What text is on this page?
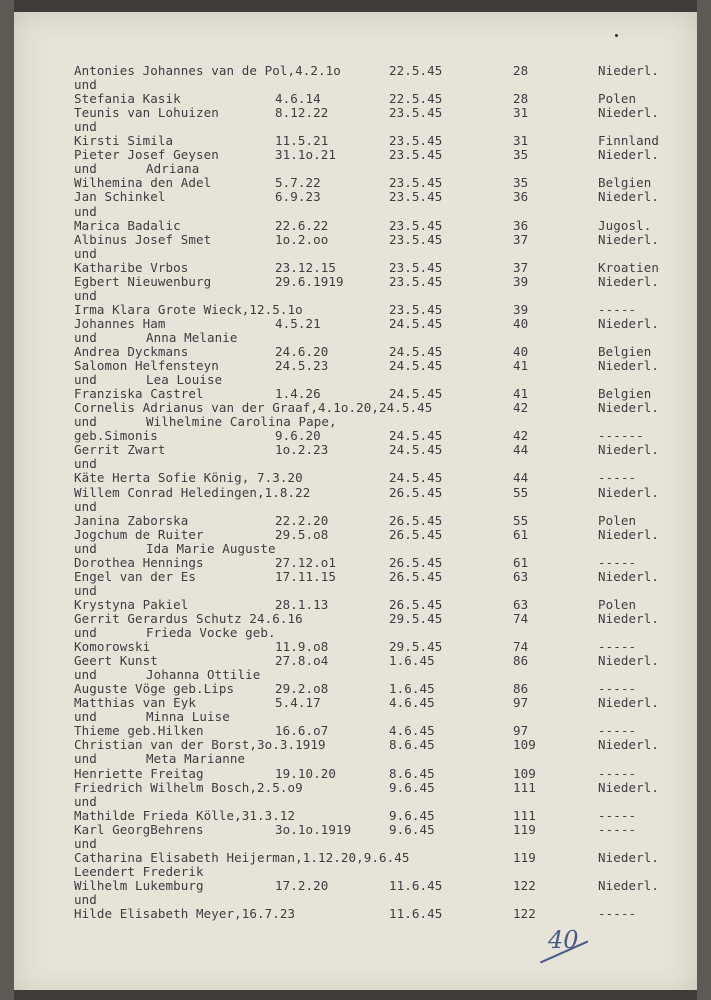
Antonies Johannes van de Pol,4.2.1o	22.5.45	28	Niederl.
und
Stefania Kasik	4.6.14	22.5.45	28	Polen
Teunis van Lohuizen	8.12.22	23.5.45	31	Niederl.
und
Kirsti Simila	11.5.21	23.5.45	31	Finnland
Pieter Josef Geysen	31.1o.21	23.5.45	35	Niederl.
und	Adriana
Wilhemina den Adel	5.7.22	23.5.45	35	Belgien
Jan Schinkel	6.9.23	23.5.45	36	Niederl.
und
Marica Badalic	22.6.22	23.5.45	36	Jugosl.
Albinus Josef Smet	1o.2.oo	23.5.45	37	Niederl.
und
Katharibe Vrbos	23.12.15	23.5.45	37	Kroatien
Egbert Nieuwenburg	29.6.1919	23.5.45	39	Niederl.
und
Irma Klara Grote Wieck,12.5.1o	23.5.45	39	-----
Johannes Ham	4.5.21	24.5.45	40	Niederl.
und	Anna Melanie
Andrea Dyckmans	24.6.20	24.5.45	40	Belgien
Salomon Helfensteyn	24.5.23	24.5.45	41	Niederl.
und	Lea Louise
Franziska Castrel	1.4.26	24.5.45	41	Belgien
Cornelis Adrianus van der Graaf,4.1o.20,24.5.45	42	Niederl.
und	Wilhelmine Carolina Pape,
geb.Simonis	9.6.20	24.5.45	42	------
Gerrit Zwart	1o.2.23	24.5.45	44	Niederl.
und
Käte Herta Sofie König, 7.3.20	24.5.45	44	-----
Willem Conrad Heledingen,1.8.22	26.5.45	55	Niederl.
und
Janina Zaborska	22.2.20	26.5.45	55	Polen
Jogchum de Ruiter	29.5.o8	26.5.45	61	Niederl.
und	Ida Marie Auguste
Dorothea Hennings	27.12.o1	26.5.45	61	-----
Engel van der Es	17.11.15	26.5.45	63	Niederl.
und
Krystyna Pakiel	28.1.13	26.5.45	63	Polen
Gerrit Gerardus Schutz 24.6.16	29.5.45	74	Niederl.
und	Frieda Vocke geb.
Komorowski	11.9.o8	29.5.45	74	-----
Geert Kunst	27.8.o4	1.6.45	86	Niederl.
und	Johanna Ottilie
Auguste Vöge geb.Lips	29.2.o8	1.6.45	86	-----
Matthias van Eyk	5.4.17	4.6.45	97	Niederl.
und	Minna Luise
Thieme geb.Hilken	16.6.o7	4.6.45	97	-----
Christian van der Borst,3o.3.1919	8.6.45	109	Niederl.
und	Meta Marianne
Henriette Freitag	19.10.20	8.6.45	109	-----
Friedrich Wilhelm Bosch,2.5.o9	9.6.45	111	Niederl.
und
Mathilde Frieda Kölle,31.3.12	9.6.45	111	-----
Karl GeorgBehrens	3o.1o.1919	9.6.45	119	-----
und
Catharina Elisabeth Heijerman,1.12.20,9.6.45	119	Niederl.
Leendert Frederik
Wilhelm Lukemburg	17.2.20	11.6.45	122	Niederl.
und
Hilde Elisabeth Meyer,16.7.23	11.6.45	122	-----
40
